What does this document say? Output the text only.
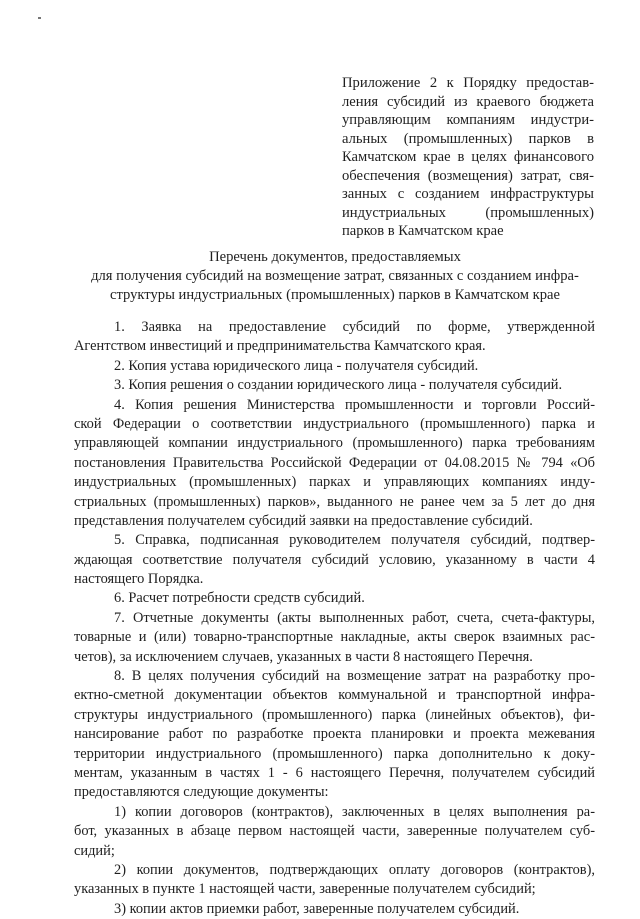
Приложение 2 к Порядку предостав-
ления субсидий из краевого бюджета
управляющим компаниям индустри-
альных (промышленных) парков в
Камчатском крае в целях финансового
обеспечения (возмещения) затрат, свя-
занных с созданием инфраструктуры
индустриальных (промышленных)
парков в Камчатском крае
Перечень документов, предоставляемых
для получения субсидий на возмещение затрат, связанных с созданием инфра-
структуры индустриальных (промышленных) парков в Камчатском крае
1. Заявка на предоставление субсидий по форме, утвержденной
Агентством инвестиций и предпринимательства Камчатского края.
2. Копия устава юридического лица - получателя субсидий.
3. Копия решения о создании юридического лица - получателя субсидий.
4. Копия решения Министерства промышленности и торговли Россий-
ской Федерации о соответствии индустриального (промышленного) парка и
управляющей компании индустриального (промышленного) парка требованиям
постановления Правительства Российской Федерации от 04.08.2015 № 794 «Об
индустриальных (промышленных) парках и управляющих компаниях инду-
стриальных (промышленных) парков», выданного не ранее чем за 5 лет до дня
представления получателем субсидий заявки на предоставление субсидий.
5. Справка, подписанная руководителем получателя субсидий, подтвер-
ждающая соответствие получателя субсидий условию, указанному в части 4
настоящего Порядка.
6. Расчет потребности средств субсидий.
7. Отчетные документы (акты выполненных работ, счета, счета-фактуры,
товарные и (или) товарно-транспортные накладные, акты сверок взаимных рас-
четов), за исключением случаев, указанных в части 8 настоящего Перечня.
8. В целях получения субсидий на возмещение затрат на разработку про-
ектно-сметной документации объектов коммунальной и транспортной инфра-
структуры индустриального (промышленного) парка (линейных объектов), фи-
нансирование работ по разработке проекта планировки и проекта межевания
территории индустриального (промышленного) парка дополнительно к доку-
ментам, указанным в частях 1 - 6 настоящего Перечня, получателем субсидий
предоставляются следующие документы:
1) копии договоров (контрактов), заключенных в целях выполнения ра-
бот, указанных в абзаце первом настоящей части, заверенные получателем суб-
сидий;
2) копии документов, подтверждающих оплату договоров (контрактов),
указанных в пункте 1 настоящей части, заверенные получателем субсидий;
3) копии актов приемки работ, заверенные получателем субсидий.
